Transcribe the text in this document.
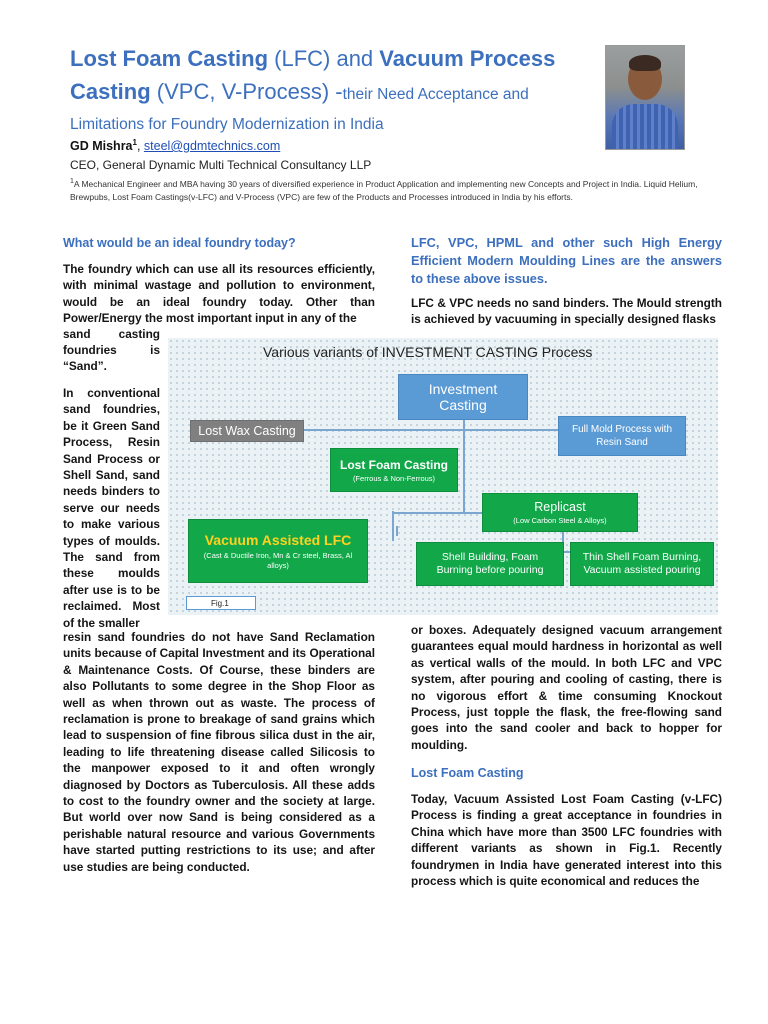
Lost Foam Casting (LFC) and Vacuum Process
Casting (VPC, V-Process) -their Need Acceptance and
Limitations for Foundry Modernization in India
GD Mishra$^1$, steel@gdmtechnics.com
CEO, General Dynamic Multi Technical Consultancy LLP
$^1$A Mechanical Engineer and MBA having 30 years of diversified experience in Product Application and implementing new Concepts and Project in India. Liquid Helium, Brewpubs, Lost Foam Castings(v-LFC) and V-Process (VPC) are few of the Products and Processes introduced in India by his efforts.
What would be an ideal foundry today?
The foundry which can use all its resources efficiently, with minimal wastage and pollution to environment, would be an ideal foundry today. Other than Power/Energy the most important input in any of the
sand casting
foundries is
“Sand”.
In conventional sand foundries, be it Green Sand Process, Resin Sand Process or Shell Sand, sand needs binders to serve our needs to make various types of moulds. The sand from these moulds after use is to be reclaimed. Most of the smaller
resin sand foundries do not have Sand Reclamation units because of Capital Investment and its Operational & Maintenance Costs. Of Course, these binders are also Pollutants to some degree in the Shop Floor as well as when thrown out as waste. The process of reclamation is prone to breakage of sand grains which lead to suspension of fine fibrous silica dust in the air, leading to life threatening disease called Silicosis to the manpower exposed to it and often wrongly diagnosed by Doctors as Tuberculosis. All these adds to cost to the foundry owner and the society at large. But world over now Sand is being considered as a perishable natural resource and various Governments have started putting restrictions to its use; and after use studies are being conducted.
LFC, VPC, HPML and other such High Energy Efficient Modern Moulding Lines are the answers to these above issues.
LFC & VPC needs no sand binders. The Mould strength is achieved by vacuuming in specially designed flasks
or boxes. Adequately designed vacuum arrangement guarantees equal mould hardness in horizontal as well as vertical walls of the mould. In both LFC and VPC system, after pouring and cooling of casting, there is no vigorous effort & time consuming Knockout Process, just topple the flask, the free-flowing sand goes into the sand cooler and back to hopper for moulding.
Lost Foam Casting
Today, Vacuum Assisted Lost Foam Casting (v-LFC) Process is finding a great acceptance in foundries in China which have more than 3500 LFC foundries with different variants as shown in Fig.1. Recently foundrymen in India have generated interest into this process which is quite economical and reduces the
Various variants of INVESTMENT CASTING Process
Investment Casting
Lost Wax Casting	Full Mold Process with Resin Sand
Lost Foam Casting
(Ferrous & Non-Ferrous)
Replicast
(Low Carbon Steel & Alloys)
Vacuum Assisted LFC
(Cast & Ductile Iron, Mn & Cr steel, Brass, Al alloys)
Shell Building, Foam Burning before pouring
Thin Shell Foam Burning, Vacuum assisted pouring
Fig.1
